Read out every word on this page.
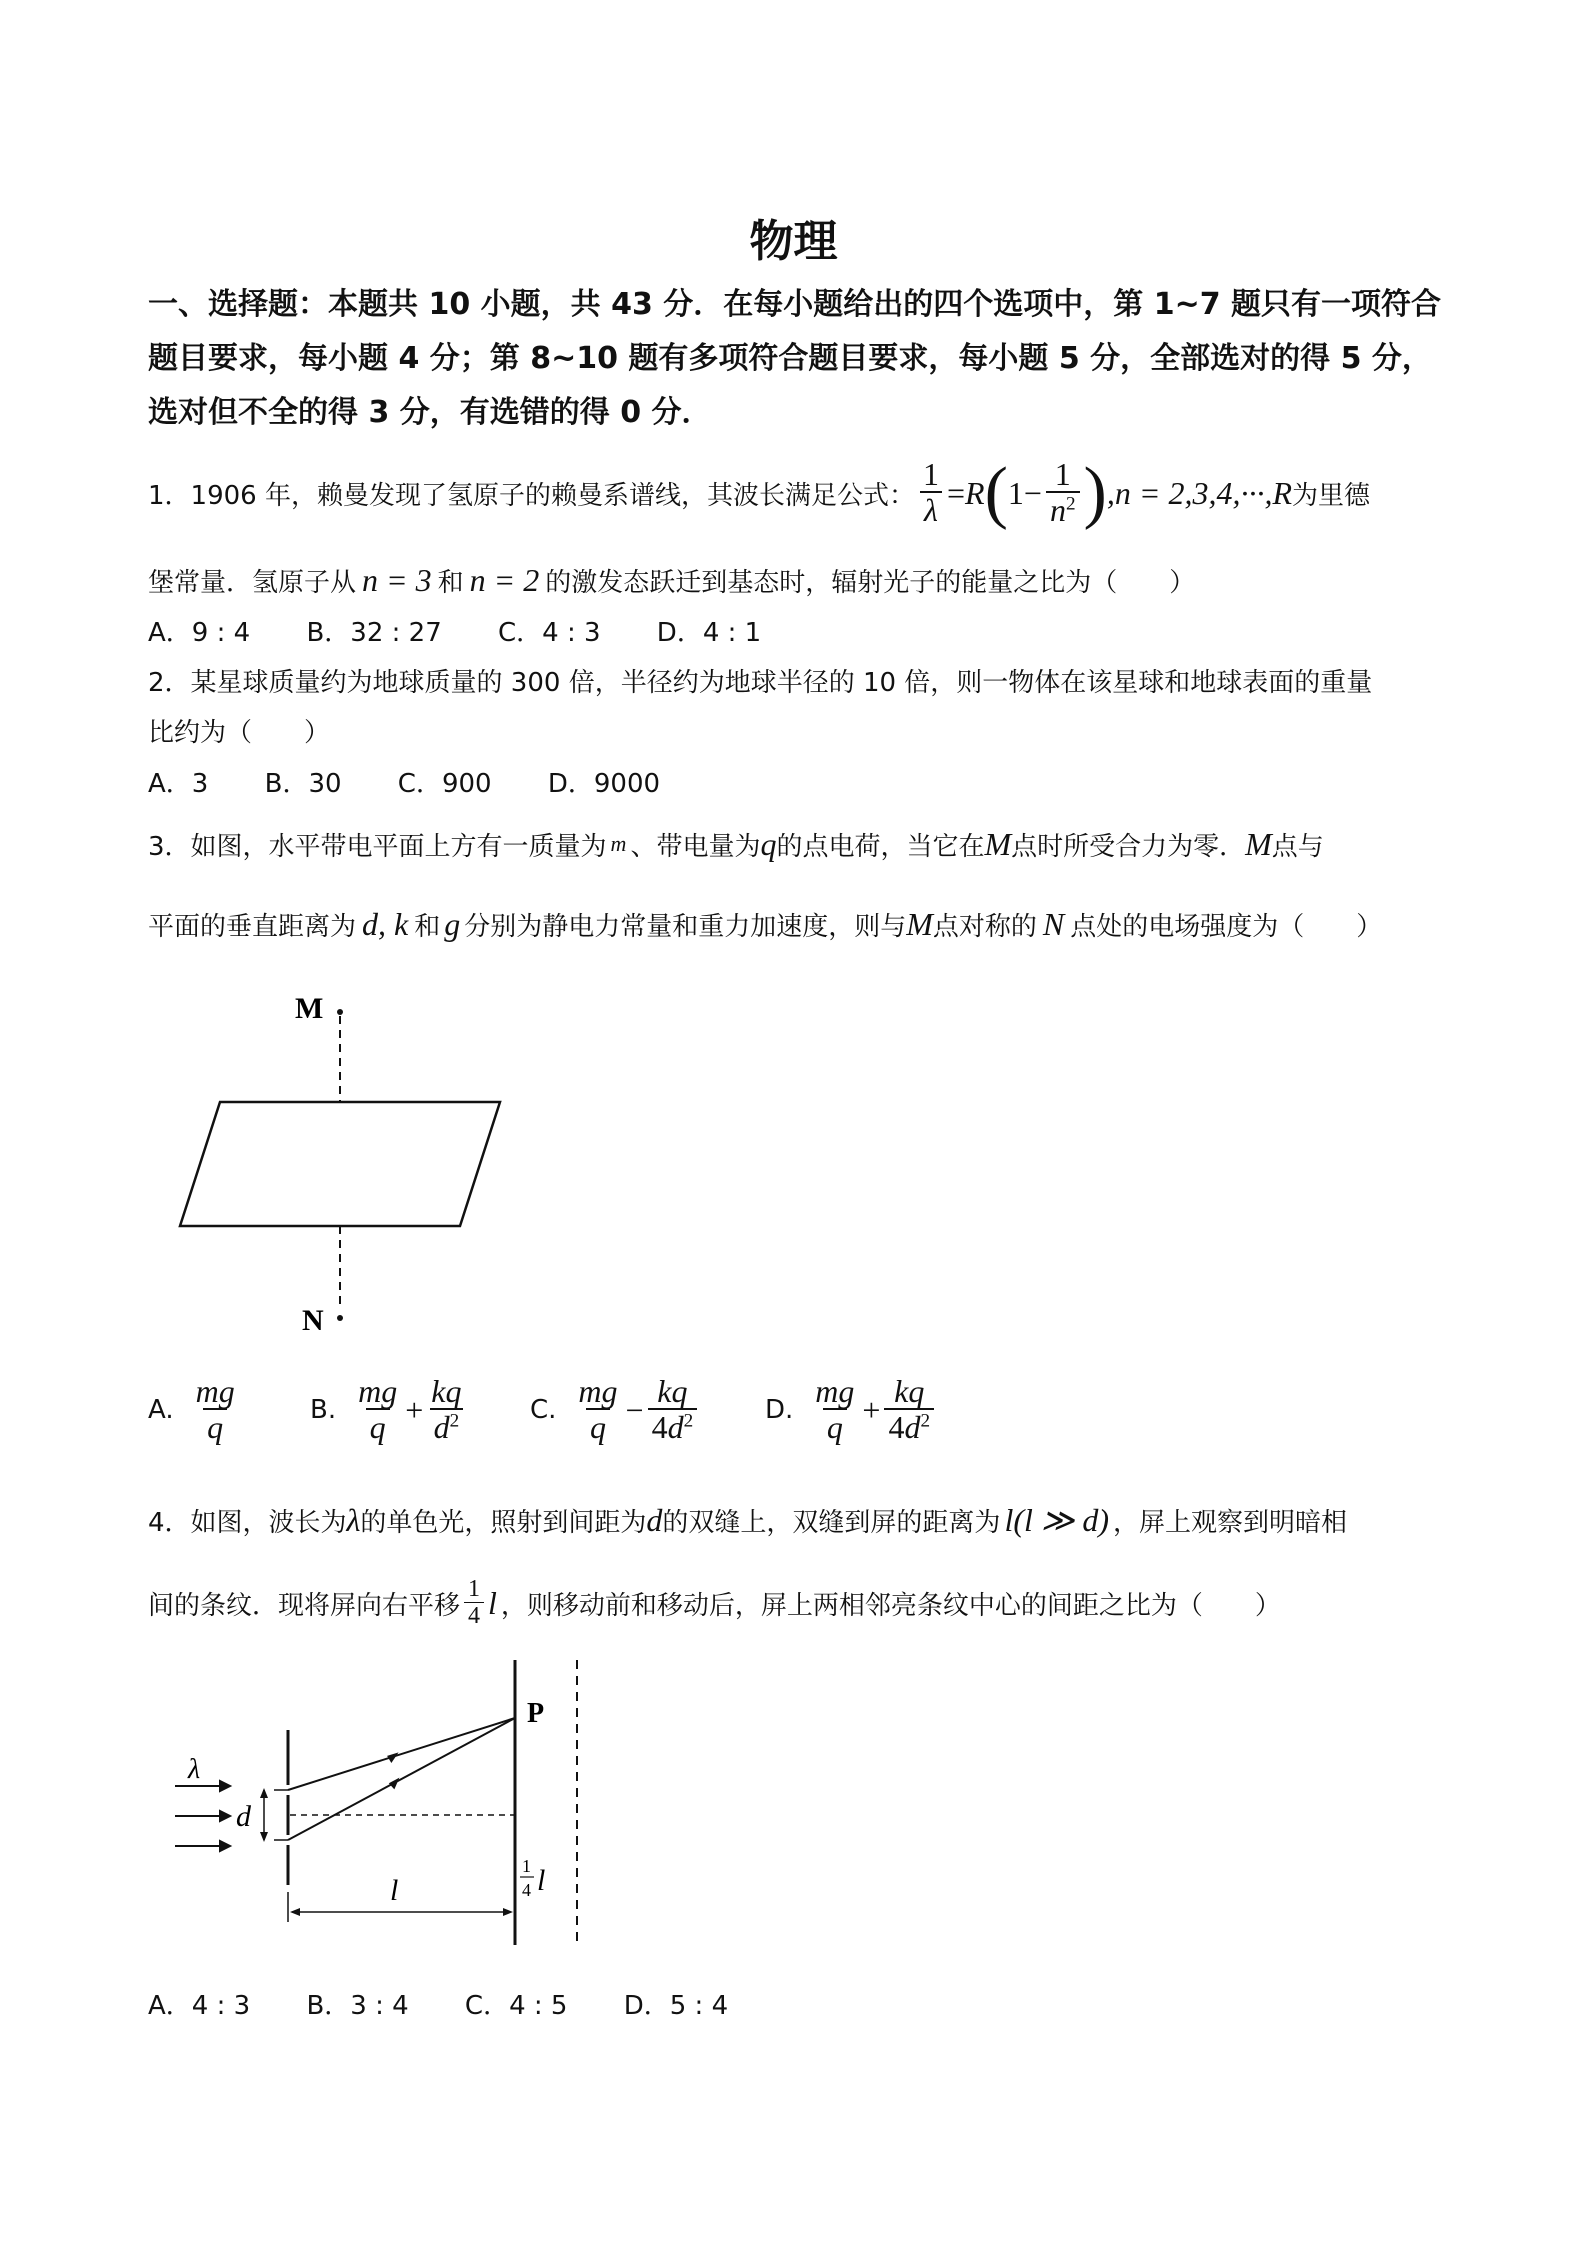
物理
一、选择题：本题共 10 小题，共 43 分．在每小题给出的四个选项中，第 1~7 题只有一项符合题目要求，每小题 4 分；第 8~10 题有多项符合题目要求，每小题 5 分，全部选对的得 5 分，选对但不全的得 3 分，有选错的得 0 分．
1．1906 年，赖曼发现了氢原子的赖曼系谱线，其波长满足公式： $\frac{1}{\lambda} = R$ ( $1- \frac{1}{n^2}$ ) ,n = 2,3,4,···,R 为里德
堡常量．氢原子从 n = 3 和 n = 2 的激发态跃迁到基态时，辐射光子的能量之比为（　　）
A．9 : 4 B．32 : 27 C．4 : 3 D．4 : 1
2．某星球质量约为地球质量的 300 倍，半径约为地球半径的 10 倍，则一物体在该星球和地球表面的重量
比约为（　　）
A．3 B．30 C．900 D．9000
3．如图，水平带电平面上方有一质量为 m 、带电量为 q 的点电荷，当它在 M 点时所受合力为零． M 点与
平面的垂直距离为 d, k 和 g 分别为静电力常量和重力加速度，则与 M 点对称的 N 点处的电场强度为（　　）
M
N
A. $\frac{mg}{q}$	B. $\frac{mg}{q} + \frac{kq}{d^2} C$. $\frac{mg}{q} - \frac{kq}{4d^2}$	D. $\frac{mg}{q} + \frac{kq}{4d^2}$
4．如图，波长为 λ 的单色光，照射到间距为 d 的双缝上，双缝到屏的距离为 l(l ≫ d) ，屏上观察到明暗相
间的条纹．现将屏向右平移 $\frac{1}{4}$ l ，则移动前和移动后，屏上两相邻亮条纹中心的间距之比为（　　）
λ
d
P
l
1
4 l
A．4 : 3 B．3 : 4 C．4 : 5 D．5 : 4
